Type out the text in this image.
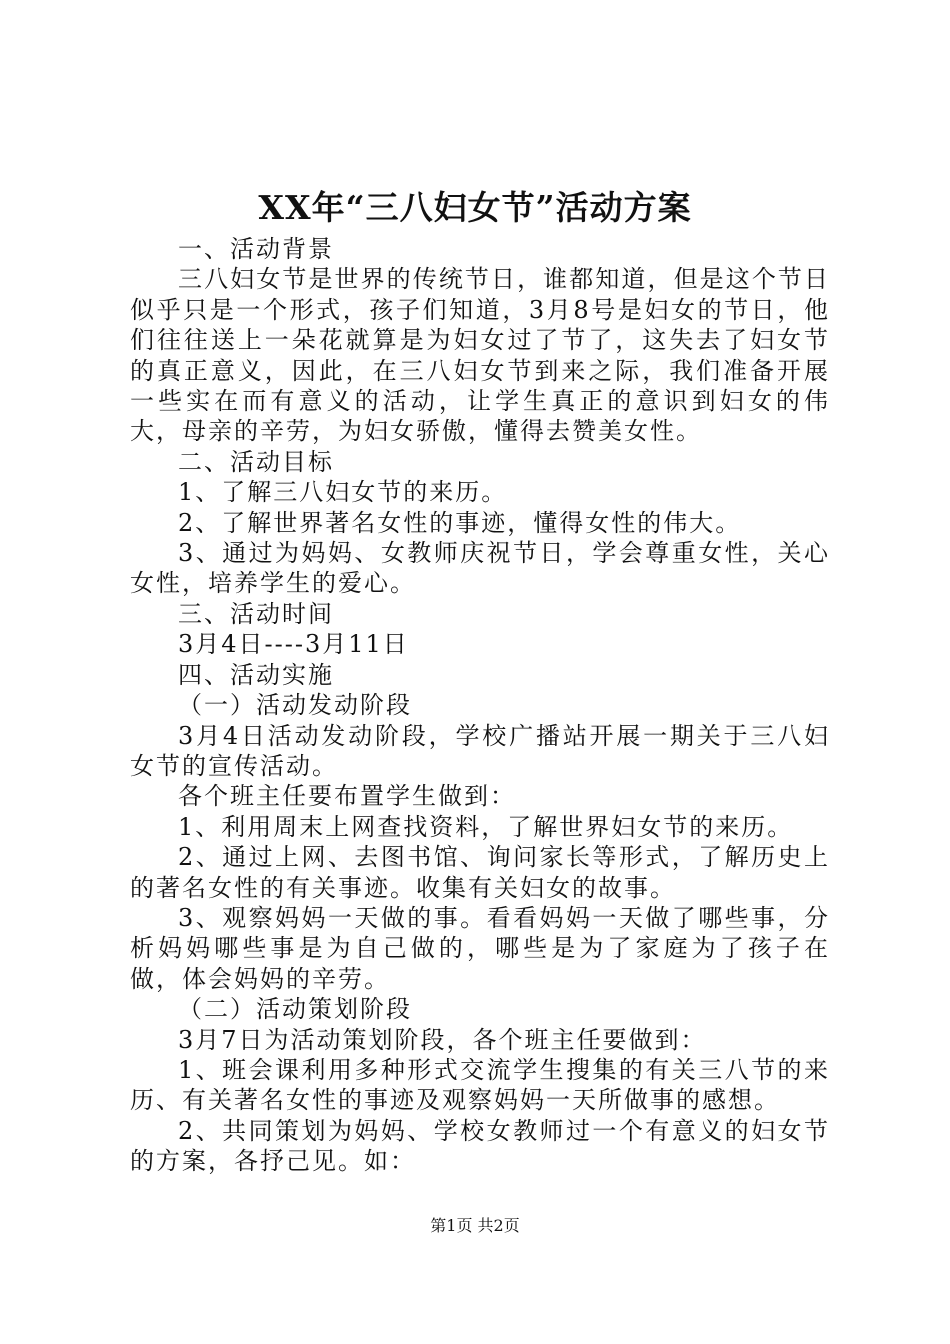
XX年“三八妇女节”活动方案

一、活动背景

三八妇女节是世界的传统节日，谁都知道，但是这个节日似乎只是一个形式，孩子们知道，3月8号是妇女的节日，他们往往送上一朵花就算是为妇女过了节了，这失去了妇女节的真正意义，因此，在三八妇女节到来之际，我们准备开展一些实在而有意义的活动，让学生真正的意识到妇女的伟大，母亲的辛劳，为妇女骄傲，懂得去赞美女性。

二、活动目标

1、了解三八妇女节的来历。

2、了解世界著名女性的事迹，懂得女性的伟大。

3、通过为妈妈、女教师庆祝节日，学会尊重女性，关心女性，培养学生的爱心。

三、活动时间

3月4日----3月11日

四、活动实施

（一）活动发动阶段

3月4日活动发动阶段，学校广播站开展一期关于三八妇女节的宣传活动。

各个班主任要布置学生做到：

1、利用周末上网查找资料，了解世界妇女节的来历。

2、通过上网、去图书馆、询问家长等形式，了解历史上的著名女性的有关事迹。收集有关妇女的故事。

3、观察妈妈一天做的事。看看妈妈一天做了哪些事，分析妈妈哪些事是为自己做的，哪些是为了家庭为了孩子在做，体会妈妈的辛劳。

（二）活动策划阶段

3月7日为活动策划阶段，各个班主任要做到：

1、班会课利用多种形式交流学生搜集的有关三八节的来历、有关著名女性的事迹及观察妈妈一天所做事的感想。

2、共同策划为妈妈、学校女教师过一个有意义的妇女节的方案，各抒己见。如：

第1页 共2页
